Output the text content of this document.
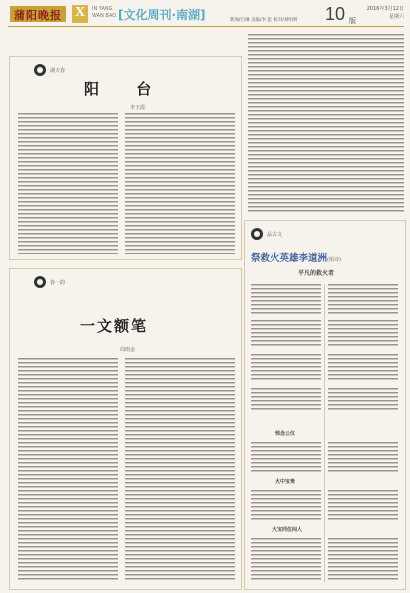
蒲阳晚报 X IN YANG
WAN BAO [文化周刊·南湖]	新闻/吕琳 美编/李 思 校对/刘明明 10 版
2016年3月12日
星期六
湖天春
阳 台
李玉霞
春一韵
一文额笔
周雨金
品古文
祭救火英雄李道洲(组诗)
平凡的救火者
悼念公仪
火中宝贵
大宝同位闷人
